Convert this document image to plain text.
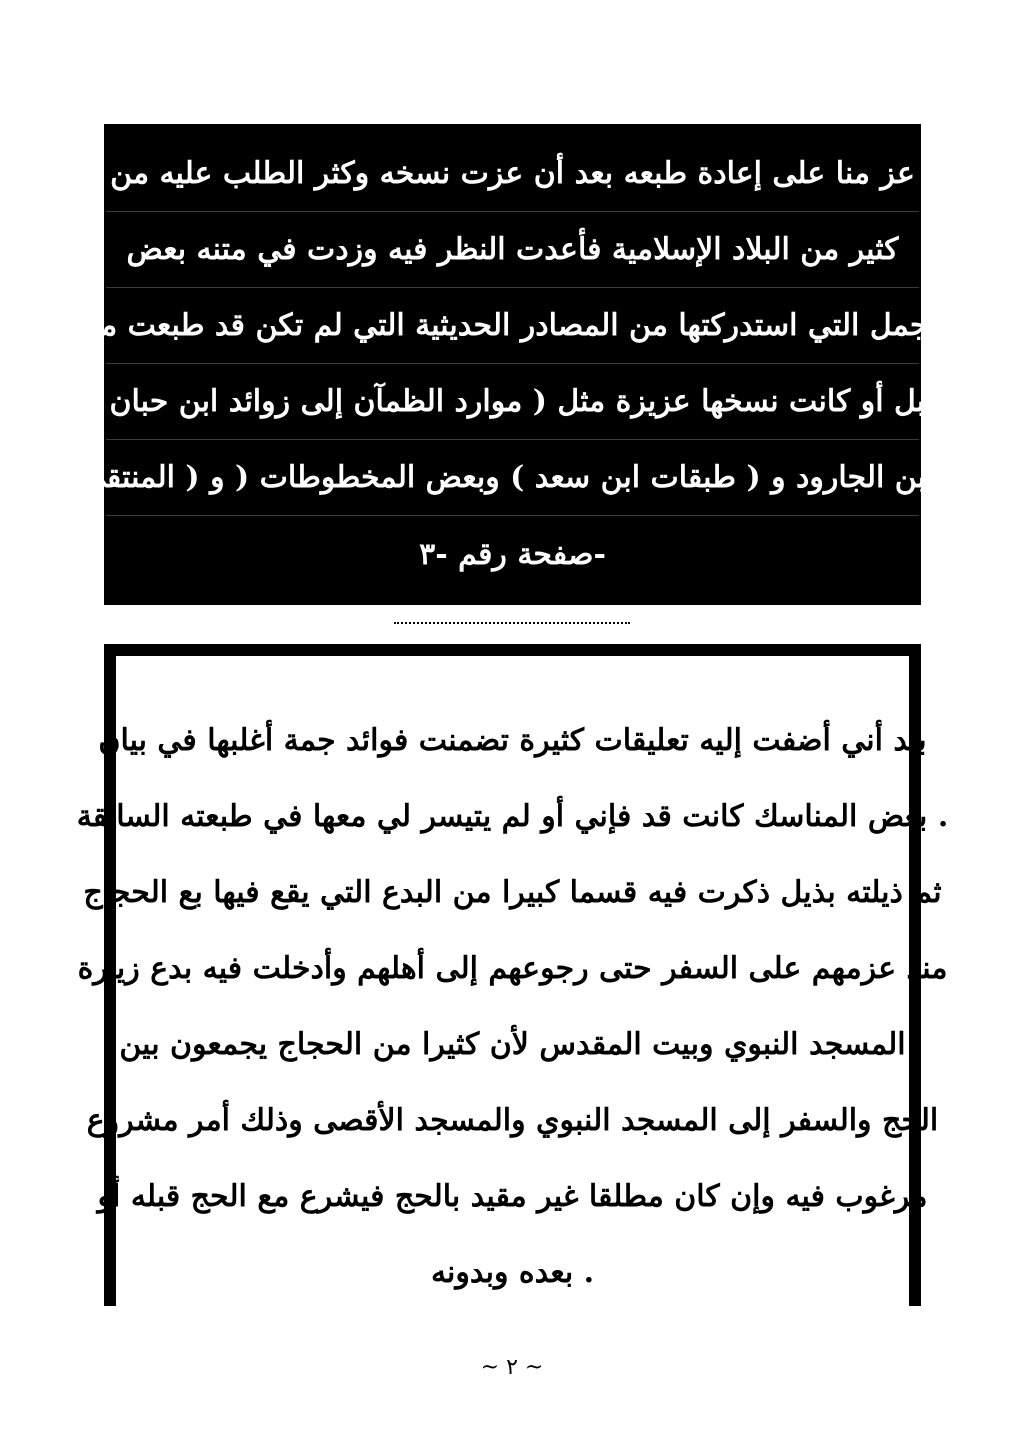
عز منا على إعادة طبعه بعد أن عزت نسخه وكثر الطلب عليه من
كثير من البلاد الإسلامية فأعدت النظر فيه وزدت في متنه بعض
الجمل التي استدركتها من المصادر الحديثية التي لم تكن قد طبعت من
قبل أو كانت نسخها عزيزة مثل ( موارد الظمآن إلى زوائد ابن حبان )
لابن الجارود و ( طبقات ابن سعد ) وبعض المخطوطات ( و ( المنتقى
-صفحة رقم -٣
بيد أني أضفت إليه تعليقات كثيرة تضمنت فوائد جمة أغلبها في بيان
. بعض المناسك كانت قد فإني أو لم يتيسر لي معها في طبعته السابقة
ثم ذيلته بذيل ذكرت فيه قسما كبيرا من البدع التي يقع فيها بع الحجاج
منذ عزمهم على السفر حتى رجوعهم إلى أهلهم وأدخلت فيه بدع زيارة
المسجد النبوي وبيت المقدس لأن كثيرا من الحجاج يجمعون بين
الحج والسفر إلى المسجد النبوي والمسجد الأقصى وذلك أمر مشروع
مرغوب فيه وإن كان مطلقا غير مقيد بالحج فيشرع مع الحج قبله أو
. بعده وبدونه
~ ٢ ~
